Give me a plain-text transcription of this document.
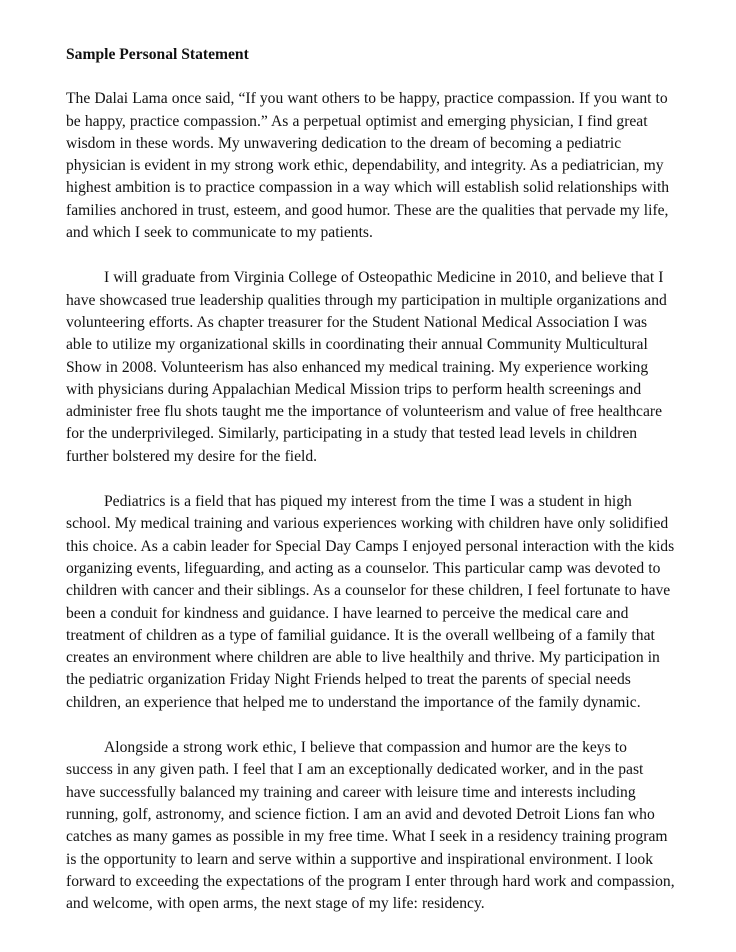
Sample Personal Statement

The Dalai Lama once said, “If you want others to be happy, practice compassion. If you want to be happy, practice compassion.” As a perpetual optimist and emerging physician, I find great wisdom in these words. My unwavering dedication to the dream of becoming a pediatric physician is evident in my strong work ethic, dependability, and integrity. As a pediatrician, my highest ambition is to practice compassion in a way which will establish solid relationships with families anchored in trust, esteem, and good humor. These are the qualities that pervade my life, and which I seek to communicate to my patients.

I will graduate from Virginia College of Osteopathic Medicine in 2010, and believe that I have showcased true leadership qualities through my participation in multiple organizations and volunteering efforts. As chapter treasurer for the Student National Medical Association I was able to utilize my organizational skills in coordinating their annual Community Multicultural Show in 2008. Volunteerism has also enhanced my medical training. My experience working with physicians during Appalachian Medical Mission trips to perform health screenings and administer free flu shots taught me the importance of volunteerism and value of free healthcare for the underprivileged. Similarly, participating in a study that tested lead levels in children further bolstered my desire for the field.

Pediatrics is a field that has piqued my interest from the time I was a student in high school. My medical training and various experiences working with children have only solidified this choice. As a cabin leader for Special Day Camps I enjoyed personal interaction with the kids organizing events, lifeguarding, and acting as a counselor. This particular camp was devoted to children with cancer and their siblings. As a counselor for these children, I feel fortunate to have been a conduit for kindness and guidance. I have learned to perceive the medical care and treatment of children as a type of familial guidance. It is the overall wellbeing of a family that creates an environment where children are able to live healthily and thrive. My participation in the pediatric organization Friday Night Friends helped to treat the parents of special needs children, an experience that helped me to understand the importance of the family dynamic.

Alongside a strong work ethic, I believe that compassion and humor are the keys to success in any given path. I feel that I am an exceptionally dedicated worker, and in the past have successfully balanced my training and career with leisure time and interests including running, golf, astronomy, and science fiction. I am an avid and devoted Detroit Lions fan who catches as many games as possible in my free time. What I seek in a residency training program is the opportunity to learn and serve within a supportive and inspirational environment. I look forward to exceeding the expectations of the program I enter through hard work and compassion, and welcome, with open arms, the next stage of my life: residency.
